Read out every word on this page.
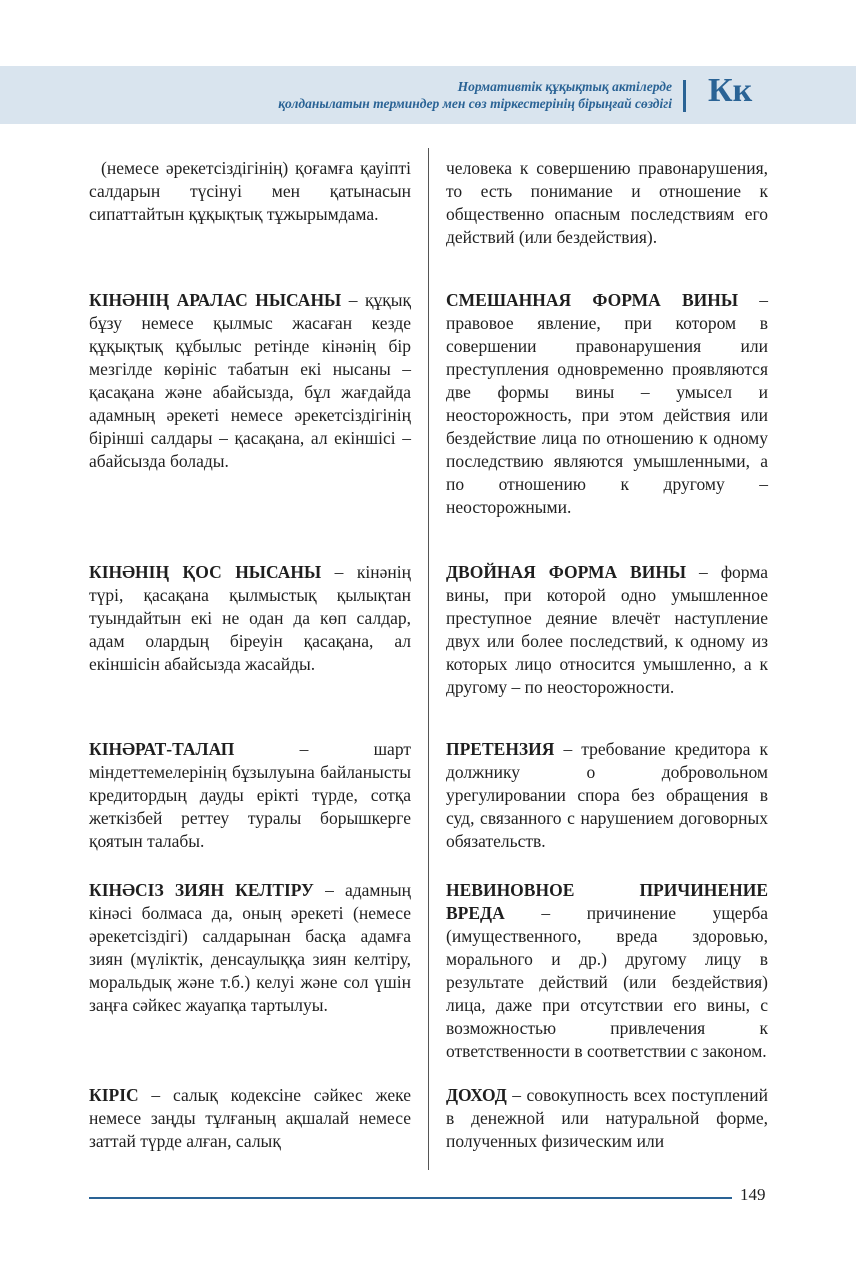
Нормативтік құқықтық актілерде
қолданылатын терминдер мен сөз тіркестерінің бірыңғай сөздігі Кк

(немесе әрекетсіздігінің) қоғамға қауіпті салдарын түсінуі мен қатынасын сипаттайтын құқықтық тұжырымдама.

КІНӘНІҢ АРАЛАС НЫСАНЫ – құқық бұзу немесе қылмыс жасаған кезде құқықтық құбылыс ретінде кінәнің бір мезгілде көрініс табатын екі нысаны – қасақана және абайсызда, бұл жағдайда адамның әрекеті немесе әрекетсіздігінің бірінші салдары – қасақана, ал екіншісі – абайсызда болады.

КІНӘНІҢ ҚОС НЫСАНЫ – кінәнің түрі, қасақана қылмыстық қылықтан туындайтын екі не одан да көп салдар, адам олардың біреуін қасақана, ал екіншісін абайсызда жасайды.

КІНӘРАТ-ТАЛАП – шарт міндеттемелерінің бұзылуына байланысты кредитордың дауды ерікті түрде, сотқа жеткізбей реттеу туралы борышкерге қоятын талабы.

КІНӘСІЗ ЗИЯН КЕЛТІРУ – адамның кінәсі болмаса да, оның әрекеті (немесе әрекетсіздігі) салдарынан басқа адамға зиян (мүліктік, денсаулыққа зиян келтіру, моральдық және т.б.) келуі және сол үшін заңға сәйкес жауапқа тартылуы.

КІРІС – салық кодексіне сәйкес жеке немесе заңды тұлғаның ақшалай немесе заттай түрде алған, салық

человека к совершению правонарушения, то есть понимание и отношение к общественно опасным последствиям его действий (или бездействия).

СМЕШАННАЯ ФОРМА ВИНЫ – правовое явление, при котором в совершении правонарушения или преступления одновременно проявляются две формы вины – умысел и неосторожность, при этом действия или бездействие лица по отношению к одному последствию являются умышленными, а по отношению к другому – неосторожными.

ДВОЙНАЯ ФОРМА ВИНЫ – форма вины, при которой одно умышленное преступное деяние влечёт наступление двух или более последствий, к одному из которых лицо относится умышленно, а к другому – по неосторожности.

ПРЕТЕНЗИЯ – требование кредитора к должнику о добровольном урегулировании спора без обращения в суд, связанного с нарушением договорных обязательств.

НЕВИНОВНОЕ ПРИЧИНЕНИЕ ВРЕДА – причинение ущерба (имущественного, вреда здоровью, морального и др.) другому лицу в результате действий (или бездействия) лица, даже при отсутствии его вины, с возможностью привлечения к ответственности в соответствии с законом.

ДОХОД – совокупность всех поступлений в денежной или натуральной форме, полученных физическим или

149
